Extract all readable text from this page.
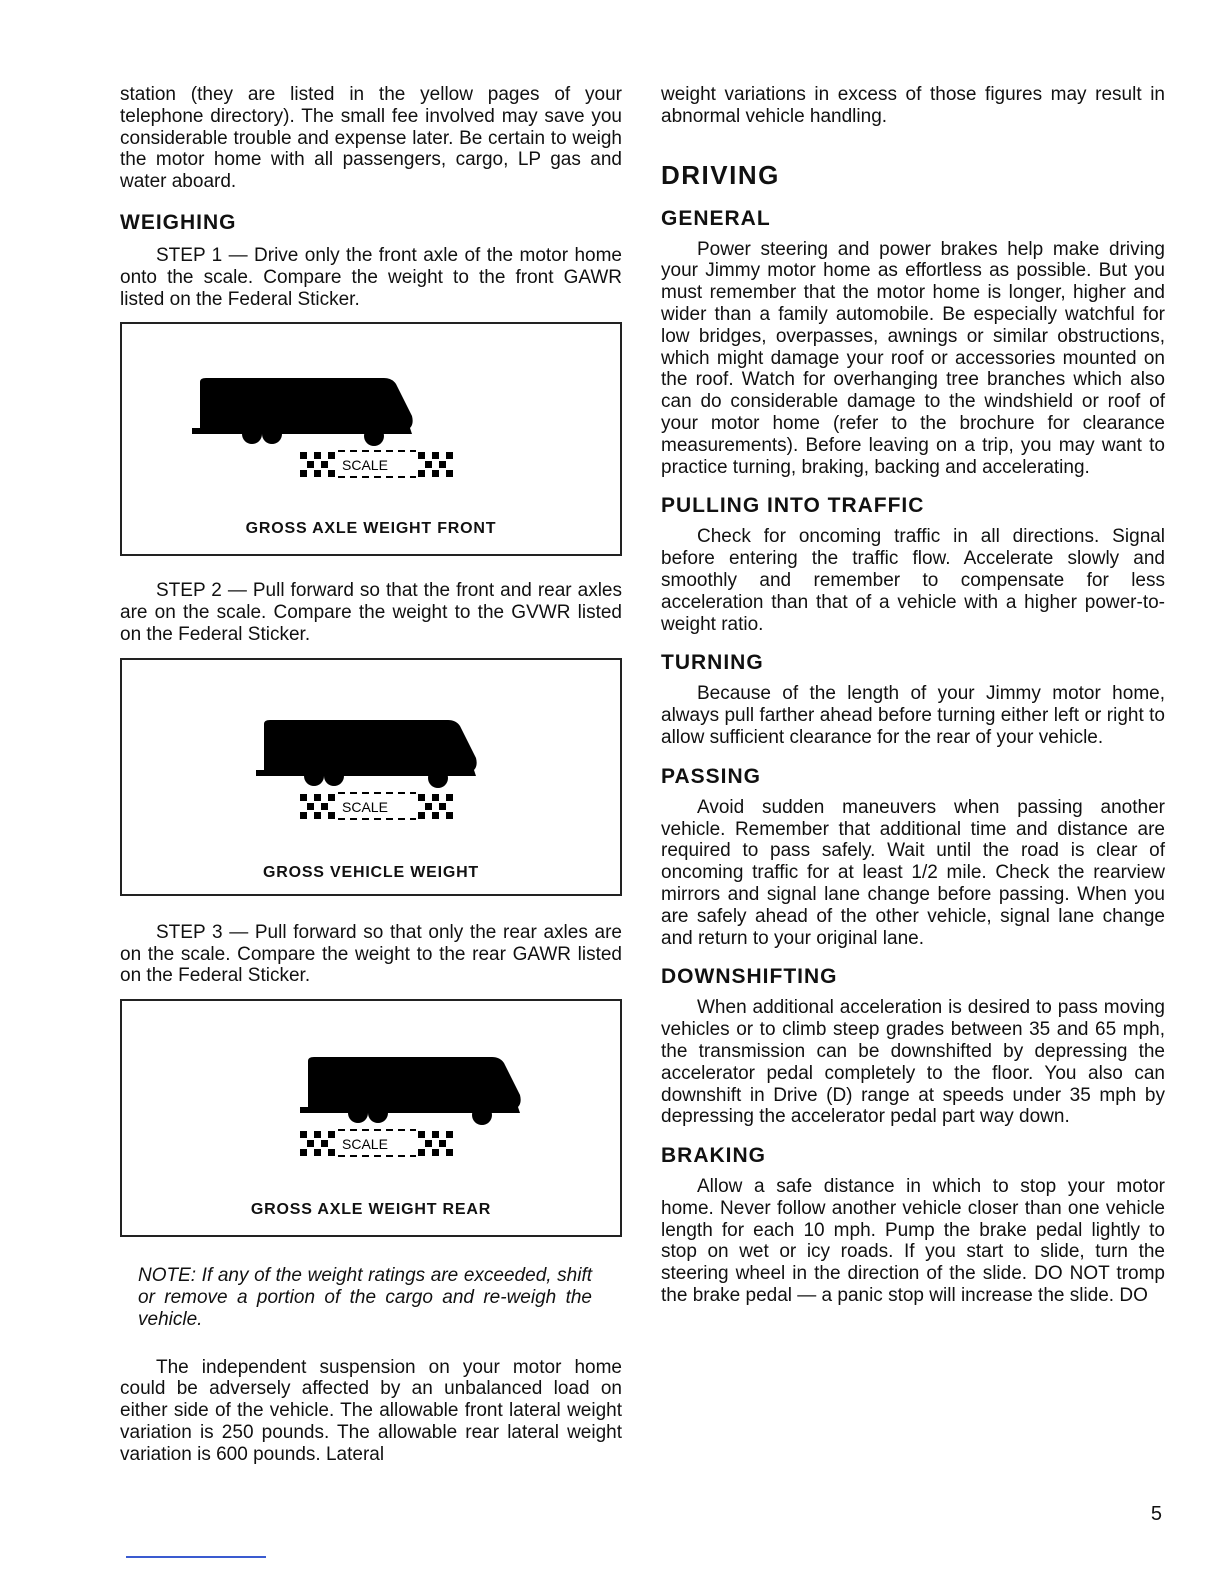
station (they are listed in the yellow pages of your telephone directory). The small fee involved may save you considerable trouble and expense later. Be certain to weigh the motor home with all passengers, cargo, LP gas and water aboard.

WEIGHING

STEP 1 — Drive only the front axle of the motor home onto the scale. Compare the weight to the front GAWR listed on the Federal Sticker.

SCALE
GROSS AXLE WEIGHT FRONT

STEP 2 — Pull forward so that the front and rear axles are on the scale. Compare the weight to the GVWR listed on the Federal Sticker.

SCALE
GROSS VEHICLE WEIGHT

STEP 3 — Pull forward so that only the rear axles are on the scale. Compare the weight to the rear GAWR listed on the Federal Sticker.

SCALE
GROSS AXLE WEIGHT REAR

NOTE: If any of the weight ratings are exceeded, shift or remove a portion of the cargo and re-weigh the vehicle.

The independent suspension on your motor home could be adversely affected by an unbalanced load on either side of the vehicle. The allowable front lateral weight variation is 250 pounds. The allowable rear lateral weight variation is 600 pounds. Lateral

weight variations in excess of those figures may result in abnormal vehicle handling.

DRIVING
GENERAL

Power steering and power brakes help make driving your Jimmy motor home as effortless as possible. But you must remember that the motor home is longer, higher and wider than a family automobile. Be especially watchful for low bridges, overpasses, awnings or similar obstructions, which might damage your roof or accessories mounted on the roof. Watch for overhanging tree branches which also can do considerable damage to the windshield or roof of your motor home (refer to the brochure for clearance measurements). Before leaving on a trip, you may want to practice turning, braking, backing and accelerating.

PULLING INTO TRAFFIC

Check for oncoming traffic in all directions. Signal before entering the traffic flow. Accelerate slowly and smoothly and remember to compensate for less acceleration than that of a vehicle with a higher power-to-weight ratio.

TURNING

Because of the length of your Jimmy motor home, always pull farther ahead before turning either left or right to allow sufficient clearance for the rear of your vehicle.

PASSING

Avoid sudden maneuvers when passing another vehicle. Remember that additional time and distance are required to pass safely. Wait until the road is clear of oncoming traffic for at least 1/2 mile. Check the rearview mirrors and signal lane change before passing. When you are safely ahead of the other vehicle, signal lane change and return to your original lane.

DOWNSHIFTING

When additional acceleration is desired to pass moving vehicles or to climb steep grades between 35 and 65 mph, the transmission can be downshifted by depressing the accelerator pedal completely to the floor. You also can downshift in Drive (D) range at speeds under 35 mph by depressing the accelerator pedal part way down.

BRAKING

Allow a safe distance in which to stop your motor home. Never follow another vehicle closer than one vehicle length for each 10 mph. Pump the brake pedal lightly to stop on wet or icy roads. If you start to slide, turn the steering wheel in the direction of the slide. DO NOT tromp the brake pedal — a panic stop will increase the slide. DO

5
